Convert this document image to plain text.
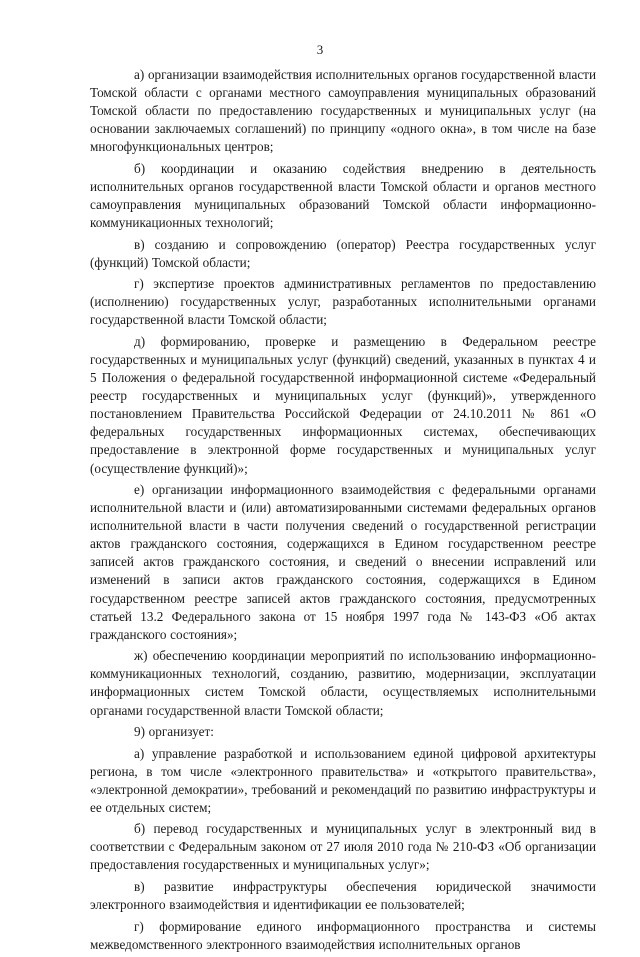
3

а) организации взаимодействия исполнительных органов государственной власти Томской области с органами местного самоуправления муниципальных образований Томской области по предоставлению государственных и муниципальных услуг (на основании заключаемых соглашений) по принципу «одного окна», в том числе на базе многофункциональных центров;

б) координации и оказанию содействия внедрению в деятельность исполнительных органов государственной власти Томской области и органов местного самоуправления муниципальных образований Томской области информационно-коммуникационных технологий;

в) созданию и сопровождению (оператор) Реестра государственных услуг (функций) Томской области;

г) экспертизе проектов административных регламентов по предоставлению (исполнению) государственных услуг, разработанных исполнительными органами государственной власти Томской области;

д) формированию, проверке и размещению в Федеральном реестре государственных и муниципальных услуг (функций) сведений, указанных в пунктах 4 и 5 Положения о федеральной государственной информационной системе «Федеральный реестр государственных и муниципальных услуг (функций)», утвержденного постановлением Правительства Российской Федерации от 24.10.2011 № 861 «О федеральных государственных информационных системах, обеспечивающих предоставление в электронной форме государственных и муниципальных услуг (осуществление функций)»;

е) организации информационного взаимодействия с федеральными органами исполнительной власти и (или) автоматизированными системами федеральных органов исполнительной власти в части получения сведений о государственной регистрации актов гражданского состояния, содержащихся в Едином государственном реестре записей актов гражданского состояния, и сведений о внесении исправлений или изменений в записи актов гражданского состояния, содержащихся в Едином государственном реестре записей актов гражданского состояния, предусмотренных статьей 13.2 Федерального закона от 15 ноября 1997 года № 143-ФЗ «Об актах гражданского состояния»;

ж) обеспечению координации мероприятий по использованию информационно-коммуникационных технологий, созданию, развитию, модернизации, эксплуатации информационных систем Томской области, осуществляемых исполнительными органами государственной власти Томской области;

9) организует:

а) управление разработкой и использованием единой цифровой архитектуры региона, в том числе «электронного правительства» и «открытого правительства», «электронной демократии», требований и рекомендаций по развитию инфраструктуры и ее отдельных систем;

б) перевод государственных и муниципальных услуг в электронный вид в соответствии с Федеральным законом от 27 июля 2010 года № 210-ФЗ «Об организации предоставления государственных и муниципальных услуг»;

в) развитие инфраструктуры обеспечения юридической значимости электронного взаимодействия и идентификации ее пользователей;

г) формирование единого информационного пространства и системы межведомственного электронного взаимодействия исполнительных органов
